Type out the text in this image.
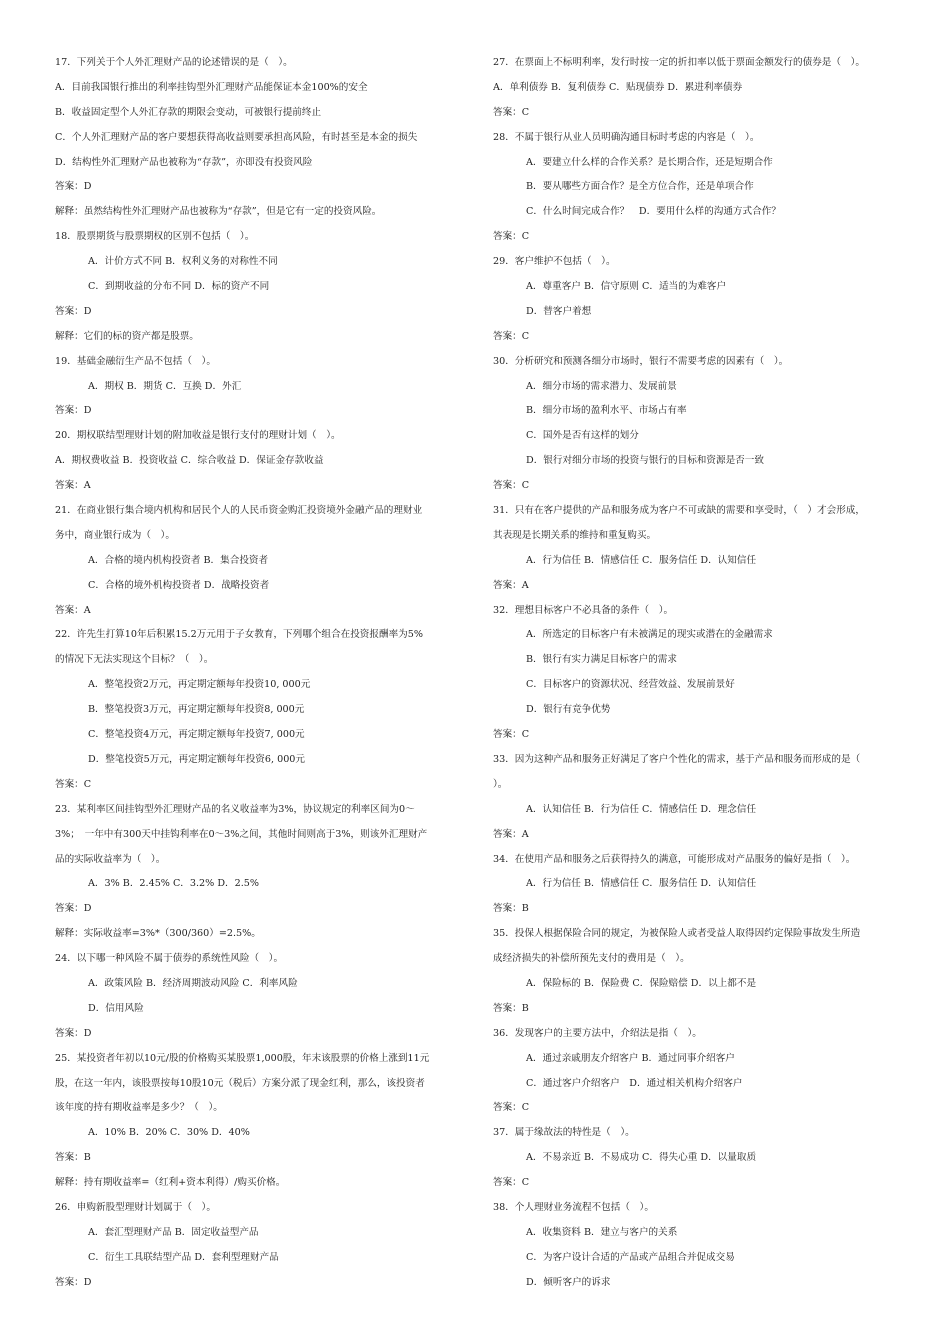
17．下列关于个人外汇理财产品的论述错误的是（　）。
A．目前我国银行推出的利率挂钩型外汇理财产品能保证本金100%的安全
B．收益固定型个人外汇存款的期限会变动，可被银行提前终止
C．个人外汇理财产品的客户要想获得高收益则要承担高风险，有时甚至是本金的损失
D．结构性外汇理财产品也被称为“存款”，亦即没有投资风险
答案：D
解释：虽然结构性外汇理财产品也被称为“存款”，但是它有一定的投资风险。
18．股票期货与股票期权的区别不包括（　）。
A．计价方式不同 B．权利义务的对称性不同
C．到期收益的分布不同 D．标的资产不同
答案：D
解释：它们的标的资产都是股票。
19．基础金融衍生产品不包括（　）。
A．期权 B．期货 C．互换 D．外汇
答案：D
20．期权联结型理财计划的附加收益是银行支付的理财计划（　）。
A．期权费收益 B．投资收益 C．综合收益 D．保证金存款收益
答案：A
21．在商业银行集合境内机构和居民个人的人民币资金购汇投资境外金融产品的理财业
务中，商业银行成为（　）。
A．合格的境内机构投资者 B．集合投资者
C．合格的境外机构投资者 D．战略投资者
答案：A
22．许先生打算10年后积累15.2万元用于子女教育，下列哪个组合在投资报酬率为5%
的情况下无法实现这个目标？（　）。
A．整笔投资2万元，再定期定额每年投资10, 000元
B．整笔投资3万元，再定期定额每年投资8, 000元
C．整笔投资4万元，再定期定额每年投资7, 000元
D．整笔投资5万元，再定期定额每年投资6, 000元
答案：C
23．某利率区间挂钩型外汇理财产品的名义收益率为3%，协议规定的利率区间为0～
3%；　一年中有300天中挂钩利率在0～3%之间，其他时间则高于3%，则该外汇理财产
品的实际收益率为（　）。
A．3% B．2.45% C．3.2% D．2.5%
答案：D
解释：实际收益率=3%*（300/360）=2.5%。
24．以下哪一种风险不属于债券的系统性风险（　）。
A．政策风险 B．经济周期波动风险 C．利率风险
D．信用风险
答案：D
25．某投资者年初以10元/股的价格购买某股票1,000股，年末该股票的价格上涨到11元
股，在这一年内，该股票按每10股10元（税后）方案分派了现金红利，那么，该投资者
该年度的持有期收益率是多少？（　）。
A．10% B．20% C．30% D．40%
答案：B
解释：持有期收益率=（红利+资本利得）/购买价格。
26．申购新股型理财计划属于（　）。
A．套汇型理财产品 B．固定收益型产品
C．衍生工具联结型产品 D．套利型理财产品
答案：D
27．在票面上不标明利率，发行时按一定的折扣率以低于票面金额发行的债券是（　）。
A．单利债券 B．复利债券 C．贴现债券 D．累进利率债券
答案：C
28．不属于银行从业人员明确沟通目标时考虑的内容是（　）。
A．要建立什么样的合作关系？是长期合作，还是短期合作
B．要从哪些方面合作？是全方位合作，还是单项合作
C．什么时间完成合作？　D．要用什么样的沟通方式合作？
答案：C
29．客户维护不包括（　）。
A．尊重客户 B．信守原则 C．适当的为难客户
D．替客户着想
答案：C
30．分析研究和预测各细分市场时，银行不需要考虑的因素有（　）。
A．细分市场的需求潜力、发展前景
B．细分市场的盈利水平、市场占有率
C．国外是否有这样的划分
D．银行对细分市场的投资与银行的目标和资源是否一致
答案：C
31．只有在客户提供的产品和服务成为客户不可或缺的需要和享受时，（　）才会形成，
其表现是长期关系的维持和重复购买。
A．行为信任 B．情感信任 C．服务信任 D．认知信任
答案：A
32．理想目标客户不必具备的条件（　）。
A．所选定的目标客户有未被满足的现实或潜在的金融需求
B．银行有实力满足目标客户的需求
C．目标客户的资源状况、经营效益、发展前景好
D．银行有竞争优势
答案：C
33．因为这种产品和服务正好满足了客户个性化的需求，基于产品和服务而形成的是（
）。
A．认知信任 B．行为信任 C．情感信任 D．理念信任
答案：A
34．在使用产品和服务之后获得持久的满意，可能形成对产品服务的偏好是指（　）。
A．行为信任 B．情感信任 C．服务信任 D．认知信任
答案：B
35．投保人根据保险合同的规定，为被保险人或者受益人取得因约定保险事故发生所造
成经济损失的补偿所预先支付的费用是（　）。
A．保险标的 B．保险费 C．保险赔偿 D．以上都不是
答案：B
36．发现客户的主要方法中，介绍法是指（　）。
A．通过亲戚朋友介绍客户 B．通过同事介绍客户
C．通过客户介绍客户　D．通过相关机构介绍客户
答案：C
37．属于缘故法的特性是（　）。
A．不易亲近 B．不易成功 C．得失心重 D．以量取质
答案：C
38．个人理财业务流程不包括（　）。
A．收集资料 B．建立与客户的关系
C．为客户设计合适的产品或产品组合并促成交易
D．倾听客户的诉求
